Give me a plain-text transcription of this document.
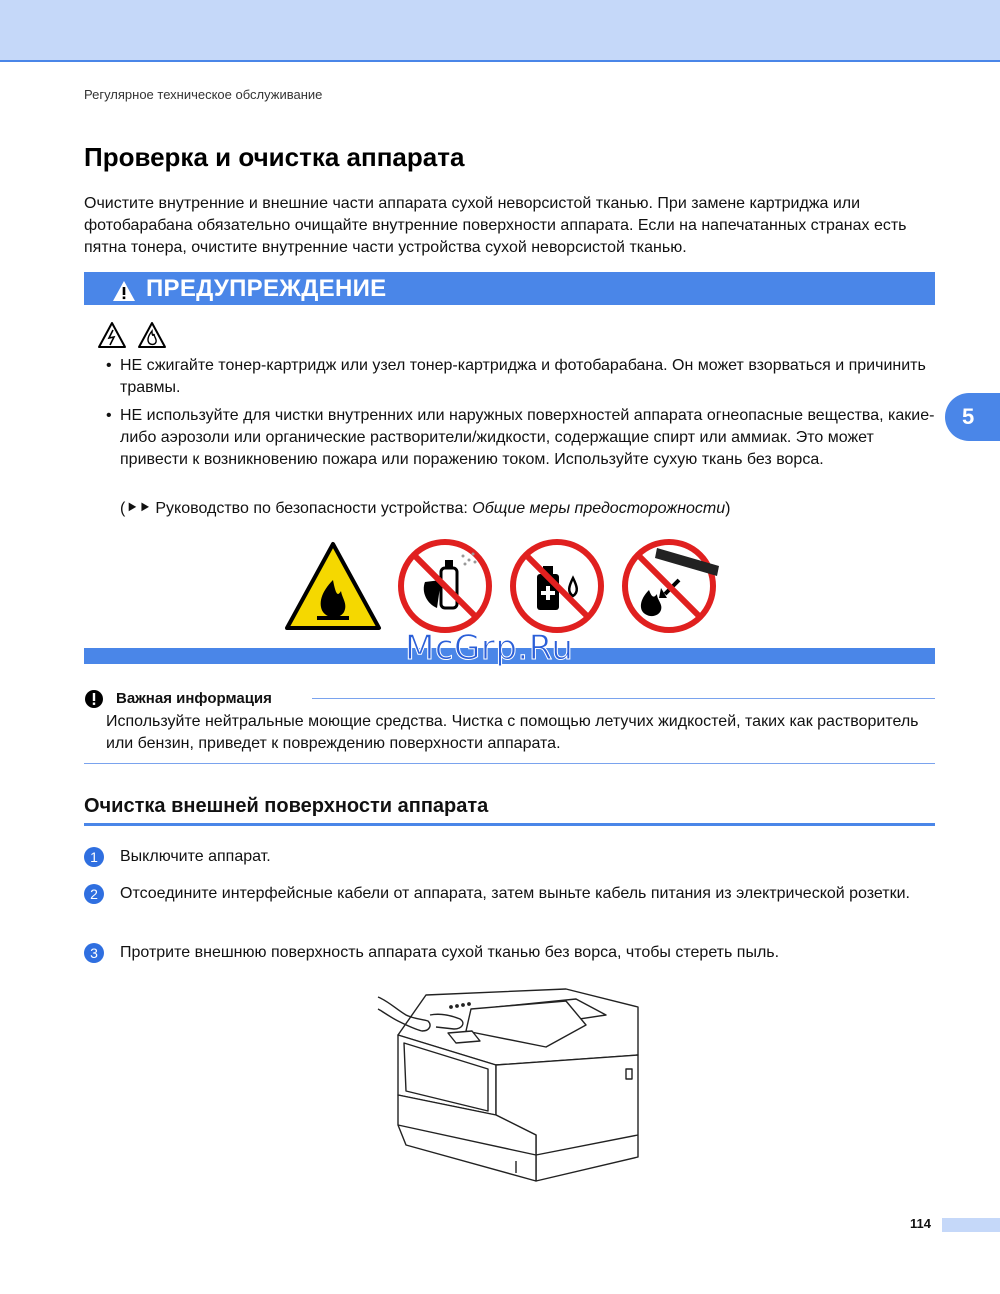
Регулярное техническое обслуживание
Проверка и очистка аппарата

Очистите внутренние и внешние части аппарата сухой неворсистой тканью. При замене картриджа или фотобарабана обязательно очищайте внутренние поверхности аппарата. Если на напечатанных странах есть пятна тонера, очистите внутренние части устройства сухой неворсистой тканью.

ПРЕДУПРЕЖДЕНИЕ
• НЕ сжигайте тонер-картридж или узел тонер-картриджа и фотобарабана. Он может взорваться и причинить травмы.
• НЕ используйте для чистки внутренних или наружных поверхностей аппарата огнеопасные вещества, какие-либо аэрозоли или органические растворители/жидкости, содержащие спирт или аммиак. Это может привести к возникновению пожара или поражению током. Используйте сухую ткань без ворса.
(⯈⯈ Руководство по безопасности устройства: Общие меры предосторожности)
McGrp.Ru
Важная информация

Используйте нейтральные моющие средства. Чистка с помощью летучих жидкостей, таких как растворитель или бензин, приведет к повреждению поверхности аппарата.

Очистка внешней поверхности аппарата
1	Выключите аппарат.
2	Отсоедините интерфейсные кабели от аппарата, затем выньте кабель питания из электрической розетки.
3	Протрите внешнюю поверхность аппарата сухой тканью без ворса, чтобы стереть пыль.
5
114
